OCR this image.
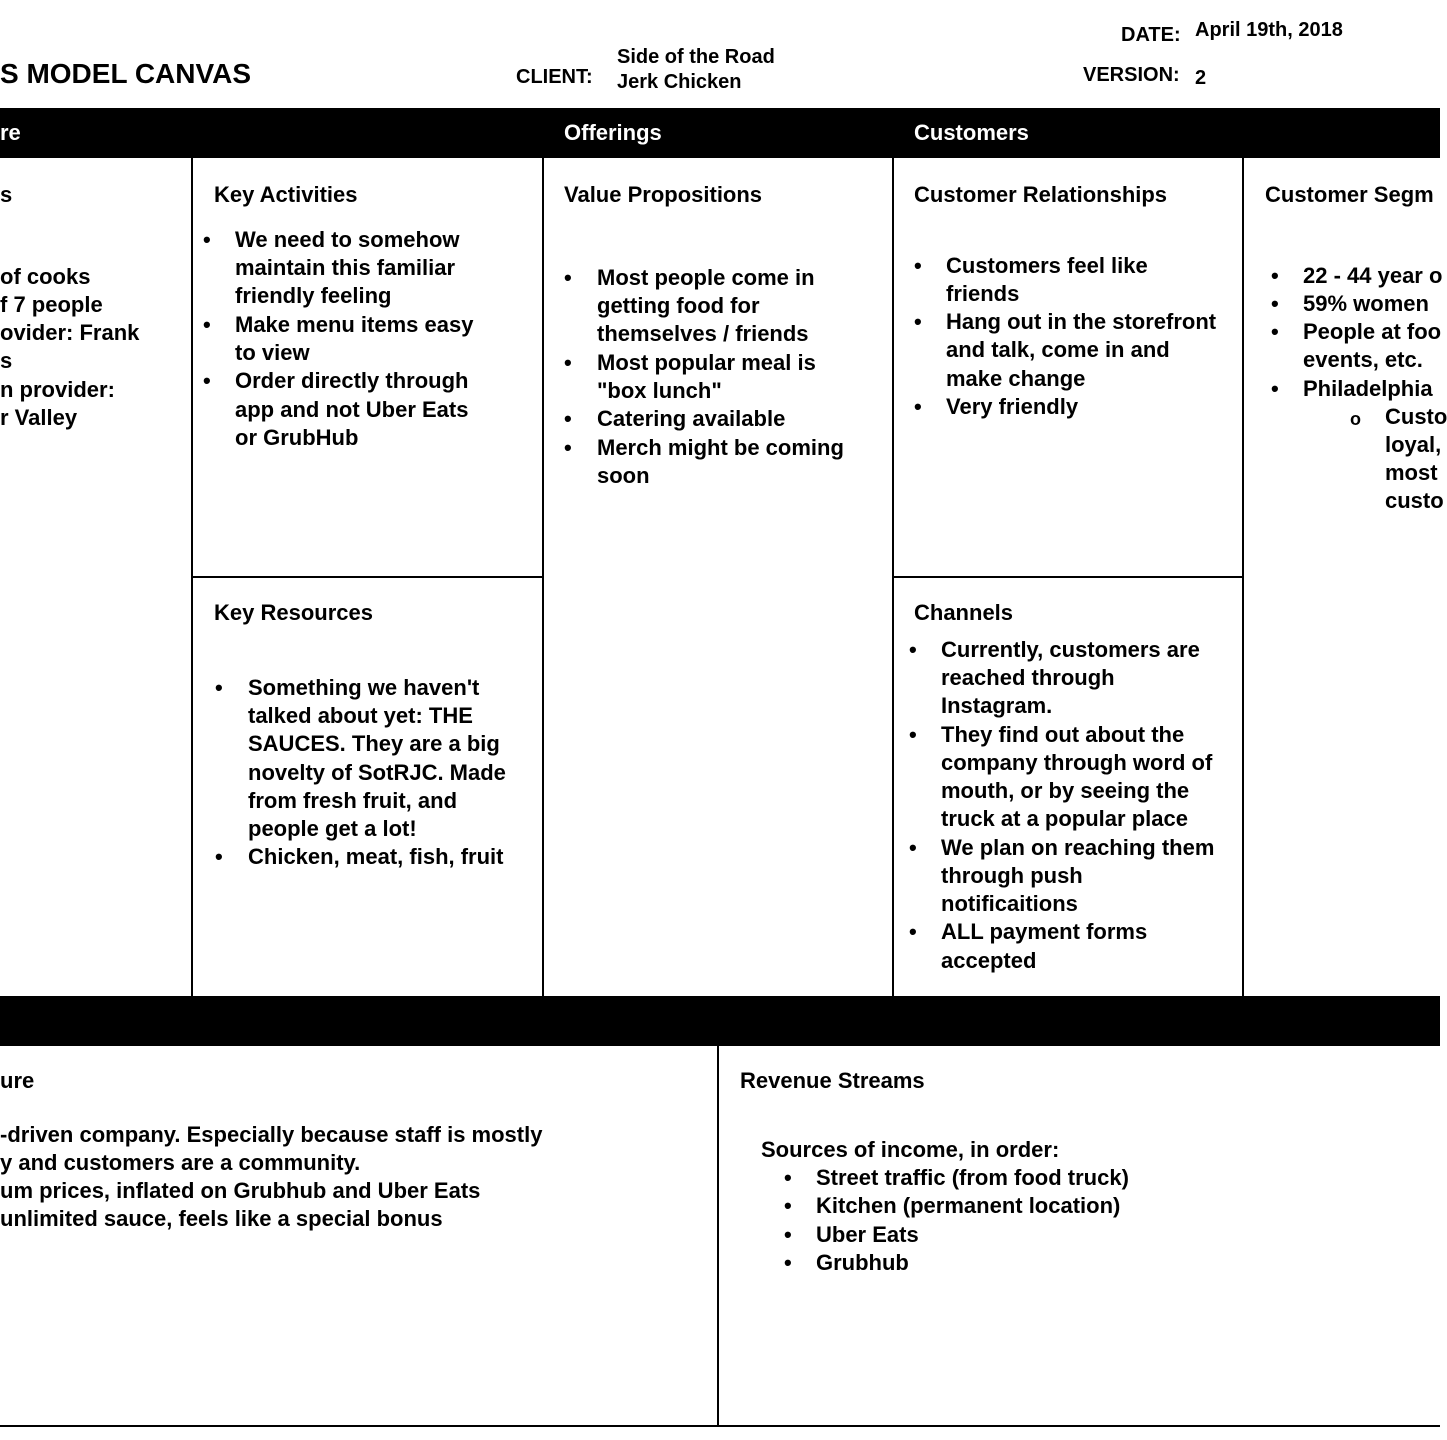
S MODEL CANVAS	CLIENT:
Side of the Road
Jerk Chicken
DATE: April 19th, 2018
VERSION: 2
re	Offerings	Customers
s
of cooks
f 7 people
ovider: Frank
s
n provider:
r Valley
Key Activities
• We need to somehow
maintain this familiar
friendly feeling
• Make menu items easy
to view
• Order directly through
app and not Uber Eats
or GrubHub
Key Resources
• Something we haven't
talked about yet: THE
SAUCES. They are a big
novelty of SotRJC. Made
from fresh fruit, and
people get a lot!
• Chicken, meat, fish, fruit
Value Propositions
• Most people come in
getting food for
themselves / friends
• Most popular meal is
"box lunch"
• Catering available
• Merch might be coming
soon
Customer Relationships
• Customers feel like
friends
• Hang out in the storefront
and talk, come in and
make change
• Very friendly
Channels
• Currently, customers are
reached through
Instagram.
• They find out about the
company through word of
mouth, or by seeing the
truck at a popular place
• We plan on reaching them
through push
notificaitions
• ALL payment forms
accepted
Customer Segm
• 22 - 44 year o
• 59% women
• People at foo
events, etc.
• Philadelphia
o Custo
loyal,
most
custo
ure
-driven company. Especially because staff is mostly
y and customers are a community.
um prices, inflated on Grubhub and Uber Eats
unlimited sauce, feels like a special bonus
Revenue Streams
Sources of income, in order:
• Street traffic (from food truck)
• Kitchen (permanent location)
• Uber Eats
• Grubhub
